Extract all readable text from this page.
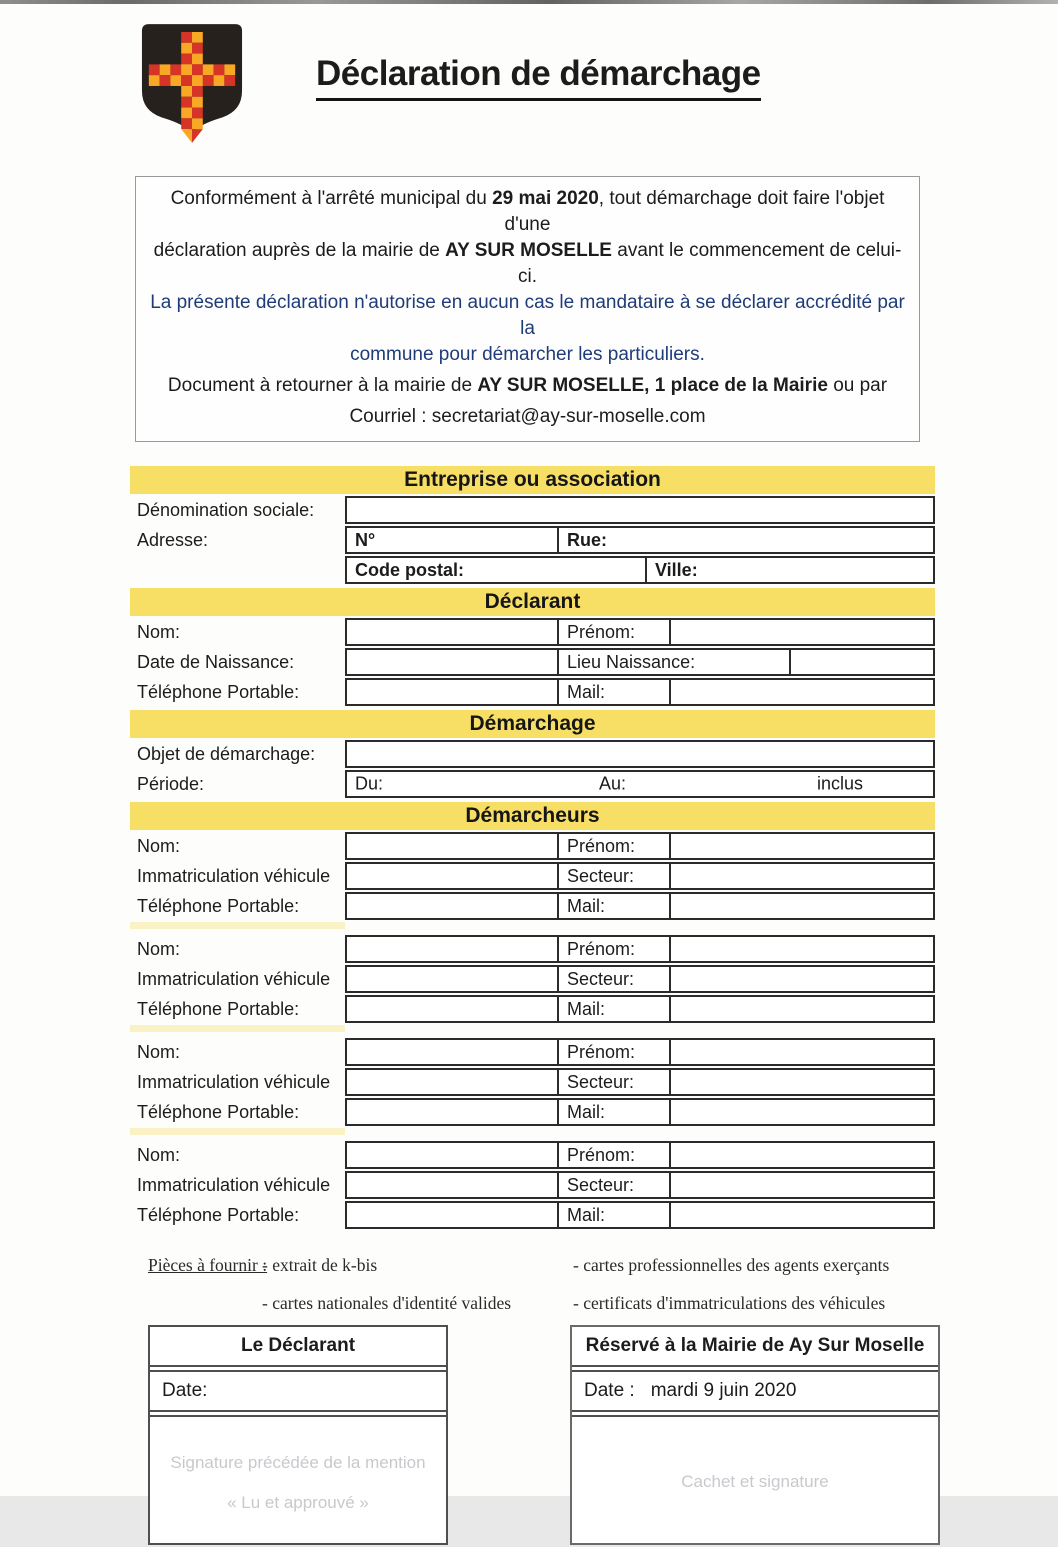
Déclaration de démarchage

Conformément à l'arrêté municipal du 29 mai 2020, tout démarchage doit faire l'objet d'une

déclaration auprès de la mairie de AY SUR MOSELLE avant le commencement de celui-ci.

La présente déclaration n'autorise en aucun cas le mandataire à se déclarer accrédité par la

commune pour démarcher les particuliers.

Document à retourner à la mairie de AY SUR MOSELLE, 1 place de la Mairie ou par

Courriel : secretariat@ay-sur-moselle.com

Entreprise ou association
Dénomination sociale:
Adresse:	N°	Rue:
Code postal:	Ville:
Déclarant
Nom:	Prénom:
Date de Naissance:	Lieu Naissance:
Téléphone Portable:	Mail:
Démarchage
Objet de démarchage:
Période:	Du:	Au:	inclus
Démarcheurs
Nom:	Prénom:
Immatriculation véhicule	Secteur:
Téléphone Portable:	Mail:
Nom:	Prénom:
Immatriculation véhicule	Secteur:
Téléphone Portable:	Mail:
Nom:	Prénom:
Immatriculation véhicule	Secteur:
Téléphone Portable:	Mail:
Nom:	Prénom:
Immatriculation véhicule	Secteur:
Téléphone Portable:	Mail:
Pièces à fournir :
- extrait de k-bis
- cartes nationales d'identité valides
- cartes professionnelles des agents exerçants
- certificats d'immatriculations des véhicules
Le Déclarant
Date:
Signature précédée de la mention
« Lu et approuvé »
Réservé à la Mairie de Ay Sur Moselle
Date : mardi 9 juin 2020
Cachet et signature
